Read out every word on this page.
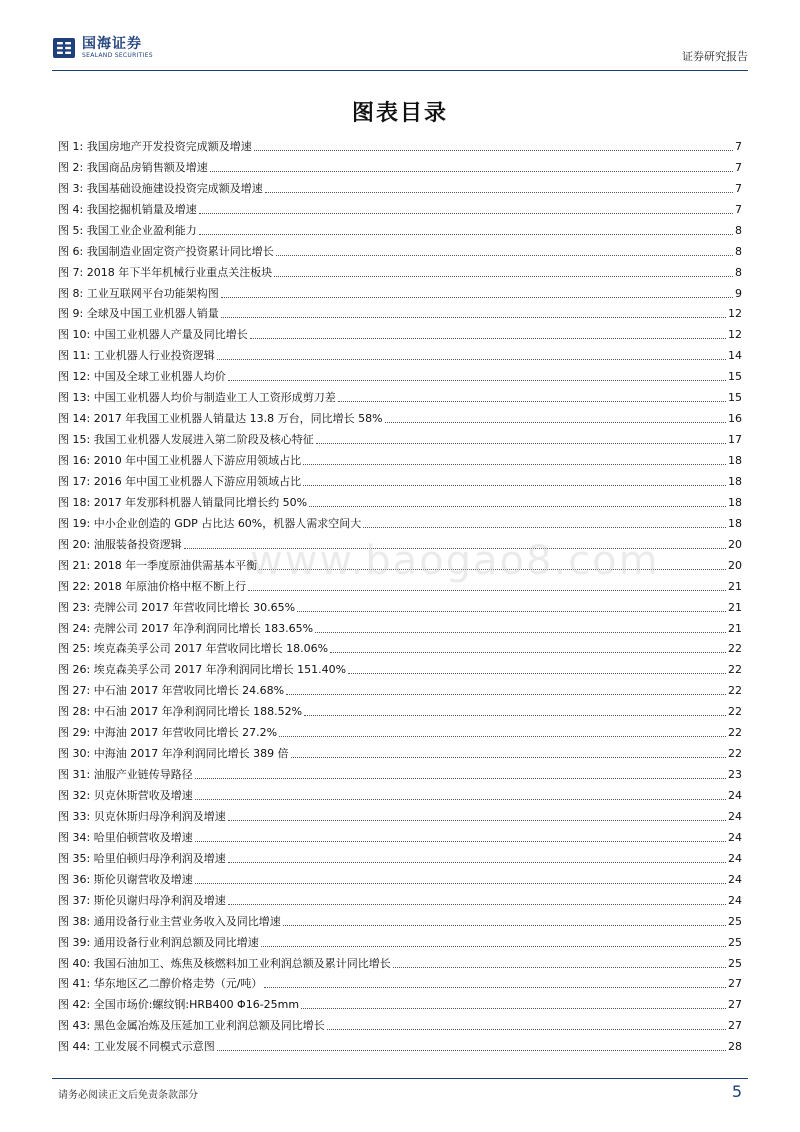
国海证券
SEALAND SECURITIES	证券研究报告
图表目录
图 1: 我国房地产开发投资完成额及增速	7
图 2: 我国商品房销售额及增速	7
图 3: 我国基础设施建设投资完成额及增速	7
图 4: 我国挖掘机销量及增速	7
图 5: 我国工业企业盈利能力	8
图 6: 我国制造业固定资产投资累计同比增长	8
图 7: 2018 年下半年机械行业重点关注板块	8
图 8: 工业互联网平台功能架构图	9
图 9: 全球及中国工业机器人销量	12
图 10: 中国工业机器人产量及同比增长	12
图 11: 工业机器人行业投资逻辑	14
图 12: 中国及全球工业机器人均价	15
图 13: 中国工业机器人均价与制造业工人工资形成剪刀差	15
图 14: 2017 年我国工业机器人销量达 13.8 万台，同比增长 58%	16
图 15: 我国工业机器人发展进入第二阶段及核心特征	17
图 16: 2010 年中国工业机器人下游应用领域占比	18
图 17: 2016 年中国工业机器人下游应用领域占比	18
图 18: 2017 年发那科机器人销量同比增长约 50%	18
图 19: 中小企业创造的 GDP 占比达 60%，机器人需求空间大	18
图 20: 油服装备投资逻辑	20
图 21: 2018 年一季度原油供需基本平衡	20
图 22: 2018 年原油价格中枢不断上行	21
图 23: 壳牌公司 2017 年营收同比增长 30.65%	21
图 24: 壳牌公司 2017 年净利润同比增长 183.65%	21
图 25: 埃克森美孚公司 2017 年营收同比增长 18.06%	22
图 26: 埃克森美孚公司 2017 年净利润同比增长 151.40%	22
图 27: 中石油 2017 年营收同比增长 24.68%	22
图 28: 中石油 2017 年净利润同比增长 188.52%	22
图 29: 中海油 2017 年营收同比增长 27.2%	22
图 30: 中海油 2017 年净利润同比增长 389 倍	22
图 31: 油服产业链传导路径	23
图 32: 贝克休斯营收及增速	24
图 33: 贝克休斯归母净利润及增速	24
图 34: 哈里伯顿营收及增速	24
图 35: 哈里伯顿归母净利润及增速	24
图 36: 斯伦贝谢营收及增速	24
图 37: 斯伦贝谢归母净利润及增速	24
图 38: 通用设备行业主营业务收入及同比增速	25
图 39: 通用设备行业利润总额及同比增速	25
图 40: 我国石油加工、炼焦及核燃料加工业利润总额及累计同比增长	25
图 41: 华东地区乙二醇价格走势（元/吨）	27
图 42: 全国市场价:螺纹钢:HRB400 Φ16-25mm	27
图 43: 黑色金属冶炼及压延加工业利润总额及同比增长	27
图 44: 工业发展不同模式示意图	28
www.baogao8.com
请务必阅读正文后免责条款部分	5
